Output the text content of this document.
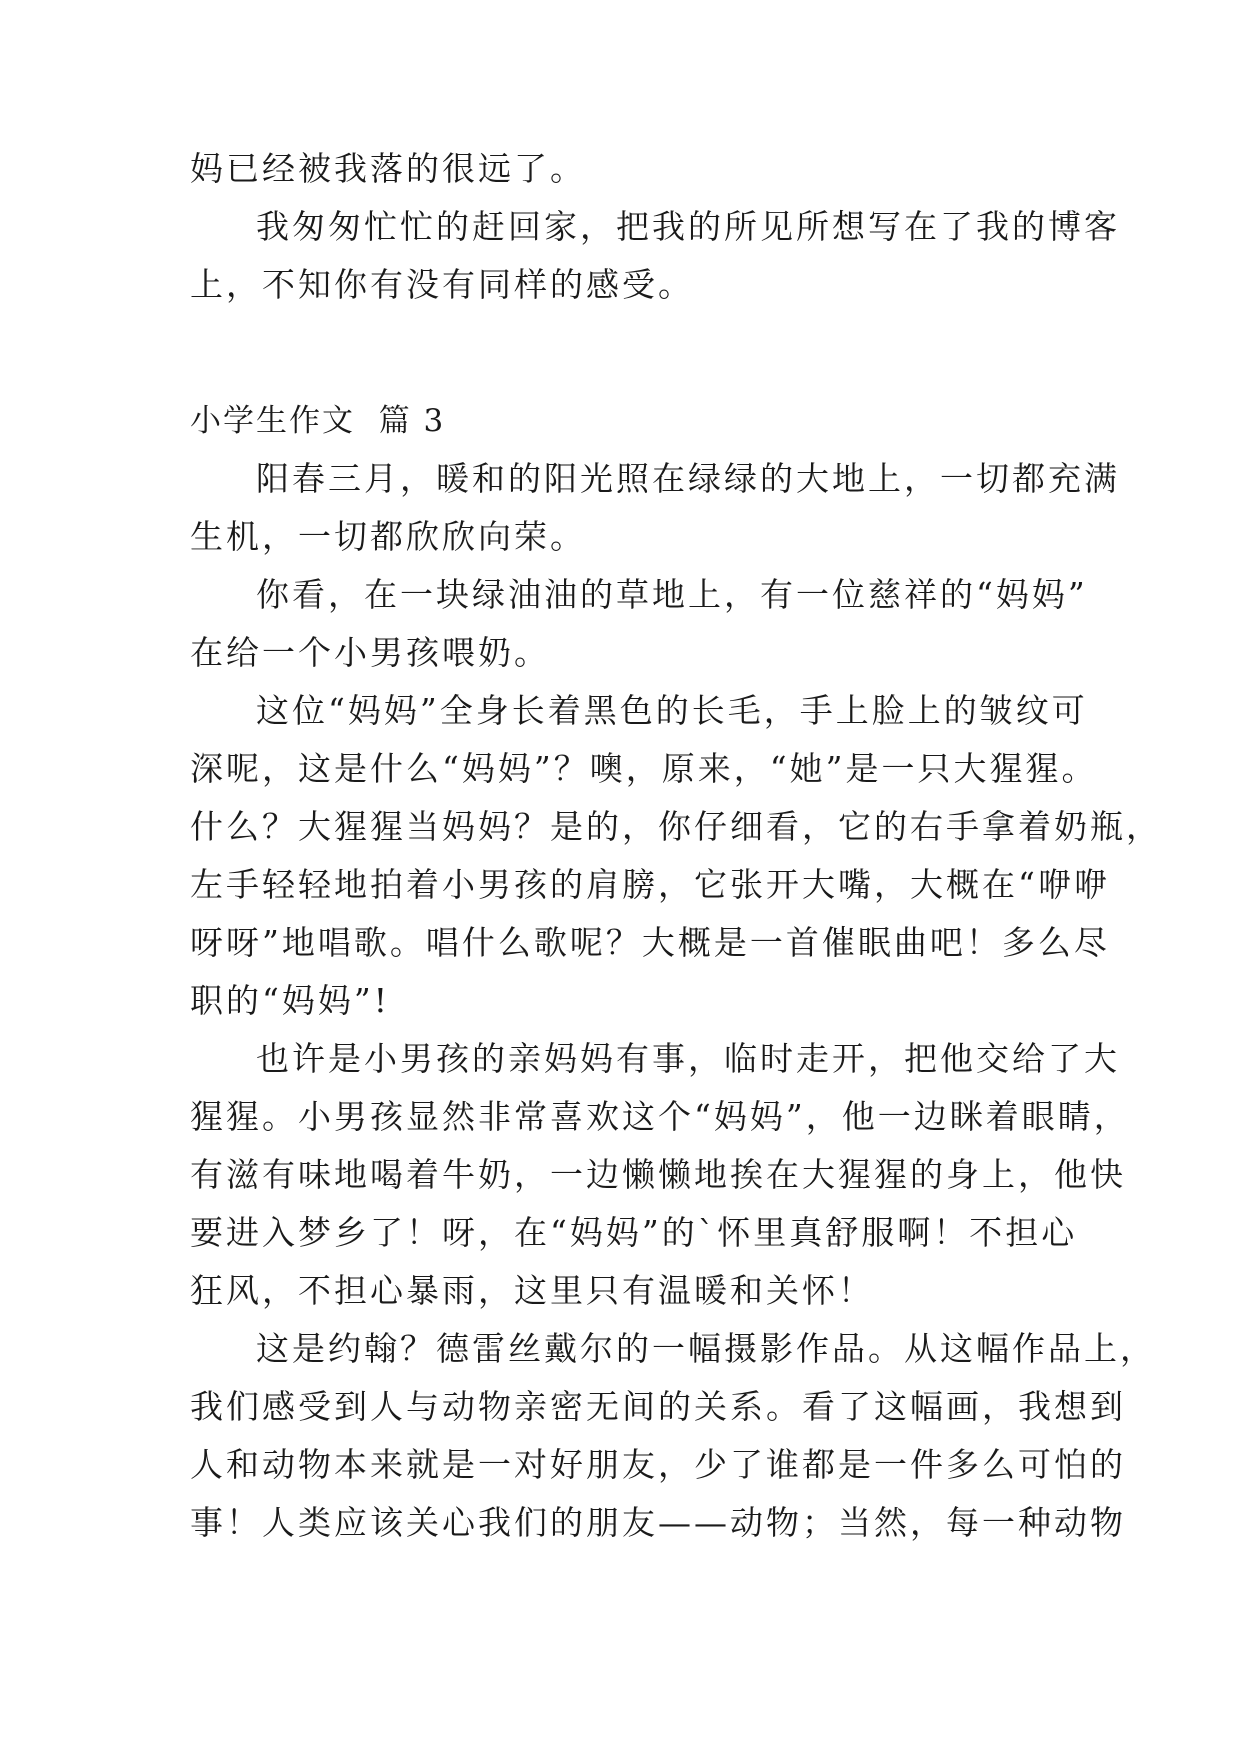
妈已经被我落的很远了。
我匆匆忙忙的赶回家，把我的所见所想写在了我的博客
上，不知你有没有同样的感受。
小学生作文  篇 3
阳春三月，暖和的阳光照在绿绿的大地上，一切都充满
生机，一切都欣欣向荣。
你看，在一块绿油油的草地上，有一位慈祥的“妈妈”
在给一个小男孩喂奶。
这位“妈妈”全身长着黑色的长毛，手上脸上的皱纹可
深呢，这是什么“妈妈”？噢，原来，“她”是一只大猩猩。
什么？大猩猩当妈妈？是的，你仔细看，它的右手拿着奶瓶，
左手轻轻地拍着小男孩的肩膀，它张开大嘴，大概在“咿咿
呀呀”地唱歌。唱什么歌呢？大概是一首催眠曲吧！多么尽
职的“妈妈”!
也许是小男孩的亲妈妈有事，临时走开，把他交给了大
猩猩。小男孩显然非常喜欢这个“妈妈”，他一边眯着眼睛，
有滋有味地喝着牛奶，一边懒懒地挨在大猩猩的身上，他快
要进入梦乡了！呀，在“妈妈”的`怀里真舒服啊！不担心
狂风，不担心暴雨，这里只有温暖和关怀！
这是约翰？德雷丝戴尔的一幅摄影作品。从这幅作品上，
我们感受到人与动物亲密无间的关系。看了这幅画，我想到
人和动物本来就是一对好朋友，少了谁都是一件多么可怕的
事！人类应该关心我们的朋友——动物；当然，每一种动物
